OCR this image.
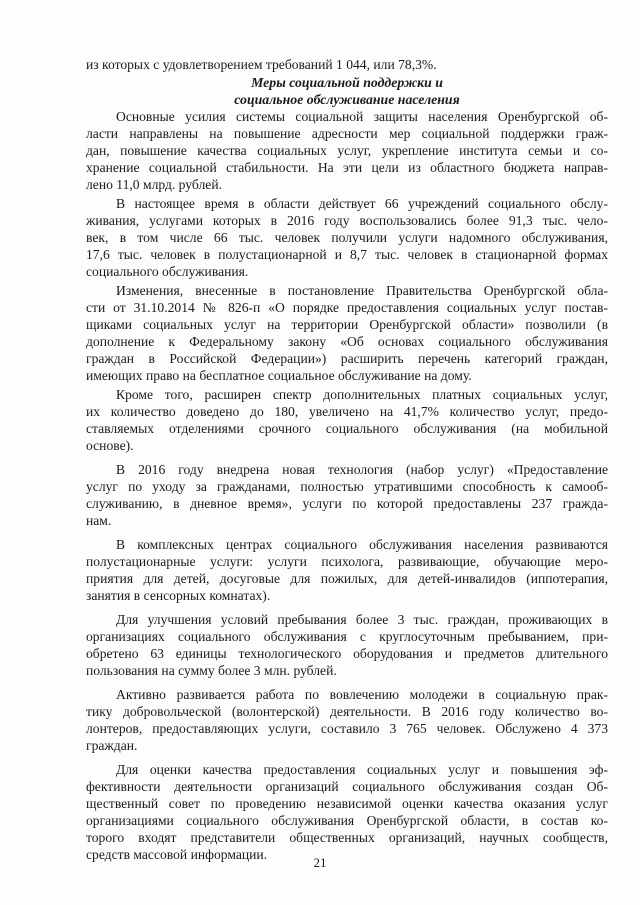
из которых с удовлетворением требований 1 044, или 78,3%.
Меры социальной поддержки и
социальное обслуживание населения
Основные усилия системы социальной защиты населения Оренбургской об-
ласти направлены на повышение адресности мер социальной поддержки граж-
дан, повышение качества социальных услуг, укрепление института семьи и со-
хранение социальной стабильности. На эти цели из областного бюджета направ-
лено 11,0 млрд. рублей.
В настоящее время в области действует 66 учреждений социального обслу-
живания, услугами которых в 2016 году воспользовались более 91,3 тыс. чело-
век, в том числе 66 тыс. человек получили услуги надомного обслуживания,
17,6 тыс. человек в полустационарной и 8,7 тыс. человек в стационарной формах
социального обслуживания.
Изменения, внесенные в постановление Правительства Оренбургской обла-
сти от 31.10.2014 № 826-п «О порядке предоставления социальных услуг постав-
щиками социальных услуг на территории Оренбургской области» позволили (в
дополнение к Федеральному закону «Об основах социального обслуживания
граждан в Российской Федерации») расширить перечень категорий граждан,
имеющих право на бесплатное социальное обслуживание на дому.
Кроме того, расширен спектр дополнительных платных социальных услуг,
их количество доведено до 180, увеличено на 41,7% количество услуг, предо-
ставляемых отделениями срочного социального обслуживания (на мобильной
основе).
В 2016 году внедрена новая технология (набор услуг) «Предоставление
услуг по уходу за гражданами, полностью утратившими способность к самооб-
служиванию, в дневное время», услуги по которой предоставлены 237 гражда-
нам.
В комплексных центрах социального обслуживания населения развиваются
полустационарные услуги: услуги психолога, развивающие, обучающие меро-
приятия для детей, досуговые для пожилых, для детей-инвалидов (иппотерапия,
занятия в сенсорных комнатах).
Для улучшения условий пребывания более 3 тыс. граждан, проживающих в
организациях социального обслуживания с круглосуточным пребыванием, при-
обретено 63 единицы технологического оборудования и предметов длительного
пользования на сумму более 3 млн. рублей.
Активно развивается работа по вовлечению молодежи в социальную прак-
тику добровольческой (волонтерской) деятельности. В 2016 году количество во-
лонтеров, предоставляющих услуги, составило 3 765 человек. Обслужено 4 373
граждан.
Для оценки качества предоставления социальных услуг и повышения эф-
фективности деятельности организаций социального обслуживания создан Об-
щественный совет по проведению независимой оценки качества оказания услуг
организациями социального обслуживания Оренбургской области, в состав ко-
торого входят представители общественных организаций, научных сообществ,
средств массовой информации.
21
